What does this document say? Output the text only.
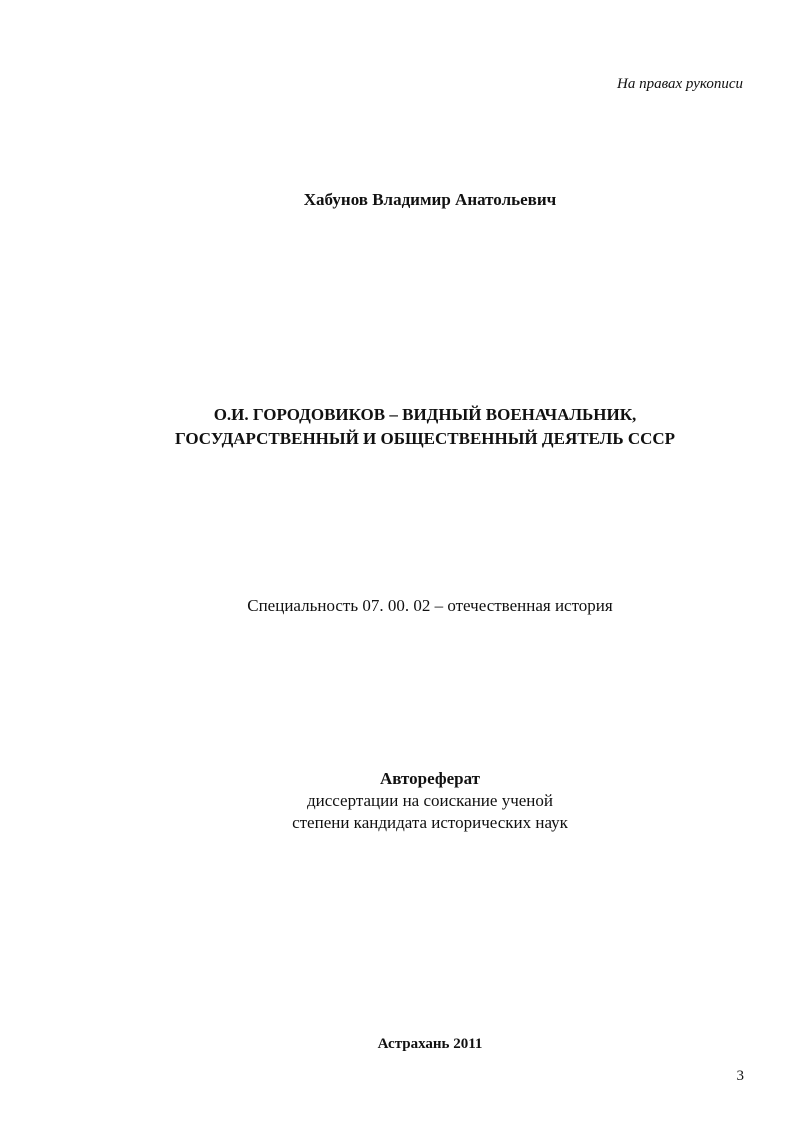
На правах рукописи
Хабунов Владимир Анатольевич
О.И. ГОРОДОВИКОВ – ВИДНЫЙ ВОЕНАЧАЛЬНИК,
ГОСУДАРСТВЕННЫЙ И ОБЩЕСТВЕННЫЙ ДЕЯТЕЛЬ СССР
Специальность 07. 00. 02 – отечественная история
Автореферат
диссертации на соискание ученой
степени кандидата исторических наук
Астрахань 2011
3
